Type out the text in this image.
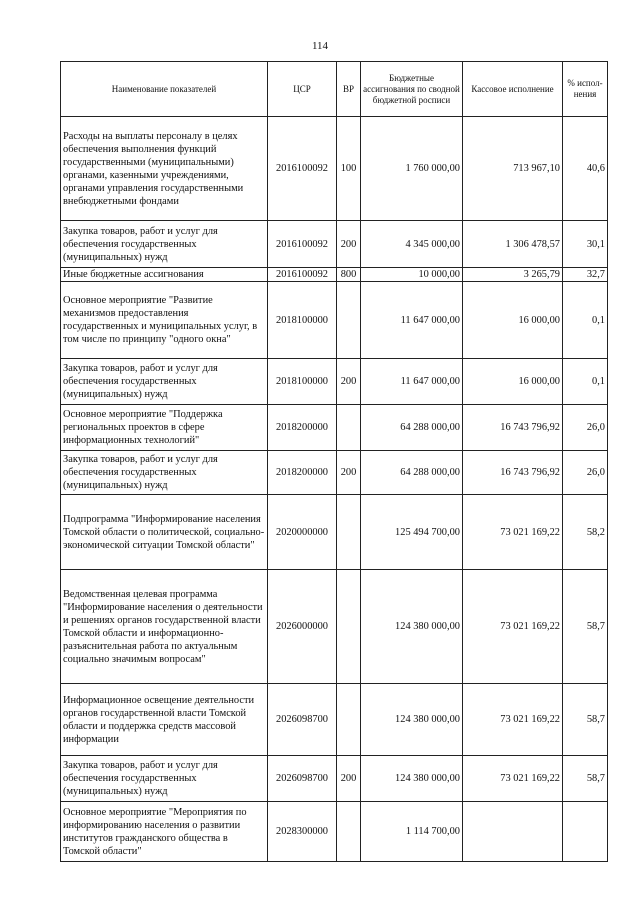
114
Наименование показателей	ЦСР	ВР	Бюджетные ассигнования по сводной бюджетной росписи	Кассовое исполнение	% испол-нения
Расходы на выплаты персоналу в целях обеспечения выполнения функций государственными (муниципальными) органами, казенными учреждениями, органами управления государственными внебюджетными фондами	2016100092	100	1 760 000,00	713 967,10	40,6
Закупка товаров, работ и услуг для обеспечения государственных (муниципальных) нужд	2016100092	200	4 345 000,00	1 306 478,57	30,1
Иные бюджетные ассигнования	2016100092	800	10 000,00	3 265,79	32,7
Основное мероприятие "Развитие механизмов предоставления государственных и муниципальных услуг, в том числе по принципу "одного окна"	2018100000		11 647 000,00	16 000,00	0,1
Закупка товаров, работ и услуг для обеспечения государственных (муниципальных) нужд	2018100000	200	11 647 000,00	16 000,00	0,1
Основное мероприятие "Поддержка региональных проектов в сфере информационных технологий"	2018200000		64 288 000,00	16 743 796,92	26,0
Закупка товаров, работ и услуг для обеспечения государственных (муниципальных) нужд	2018200000	200	64 288 000,00	16 743 796,92	26,0
Подпрограмма "Информирование населения Томской области о политической, социально-экономической ситуации Томской области"	2020000000		125 494 700,00	73 021 169,22	58,2
Ведомственная целевая программа "Информирование населения о деятельности и решениях органов государственной власти Томской области и информационно-разъяснительная работа по актуальным социально значимым вопросам"	2026000000		124 380 000,00	73 021 169,22	58,7
Информационное освещение деятельности органов государственной власти Томской области и поддержка средств массовой информации	2026098700		124 380 000,00	73 021 169,22	58,7
Закупка товаров, работ и услуг для обеспечения государственных (муниципальных) нужд	2026098700	200	124 380 000,00	73 021 169,22	58,7
Основное мероприятие "Мероприятия по информированию населения о развитии институтов гражданского общества в Томской области"	2028300000		1 114 700,00		
